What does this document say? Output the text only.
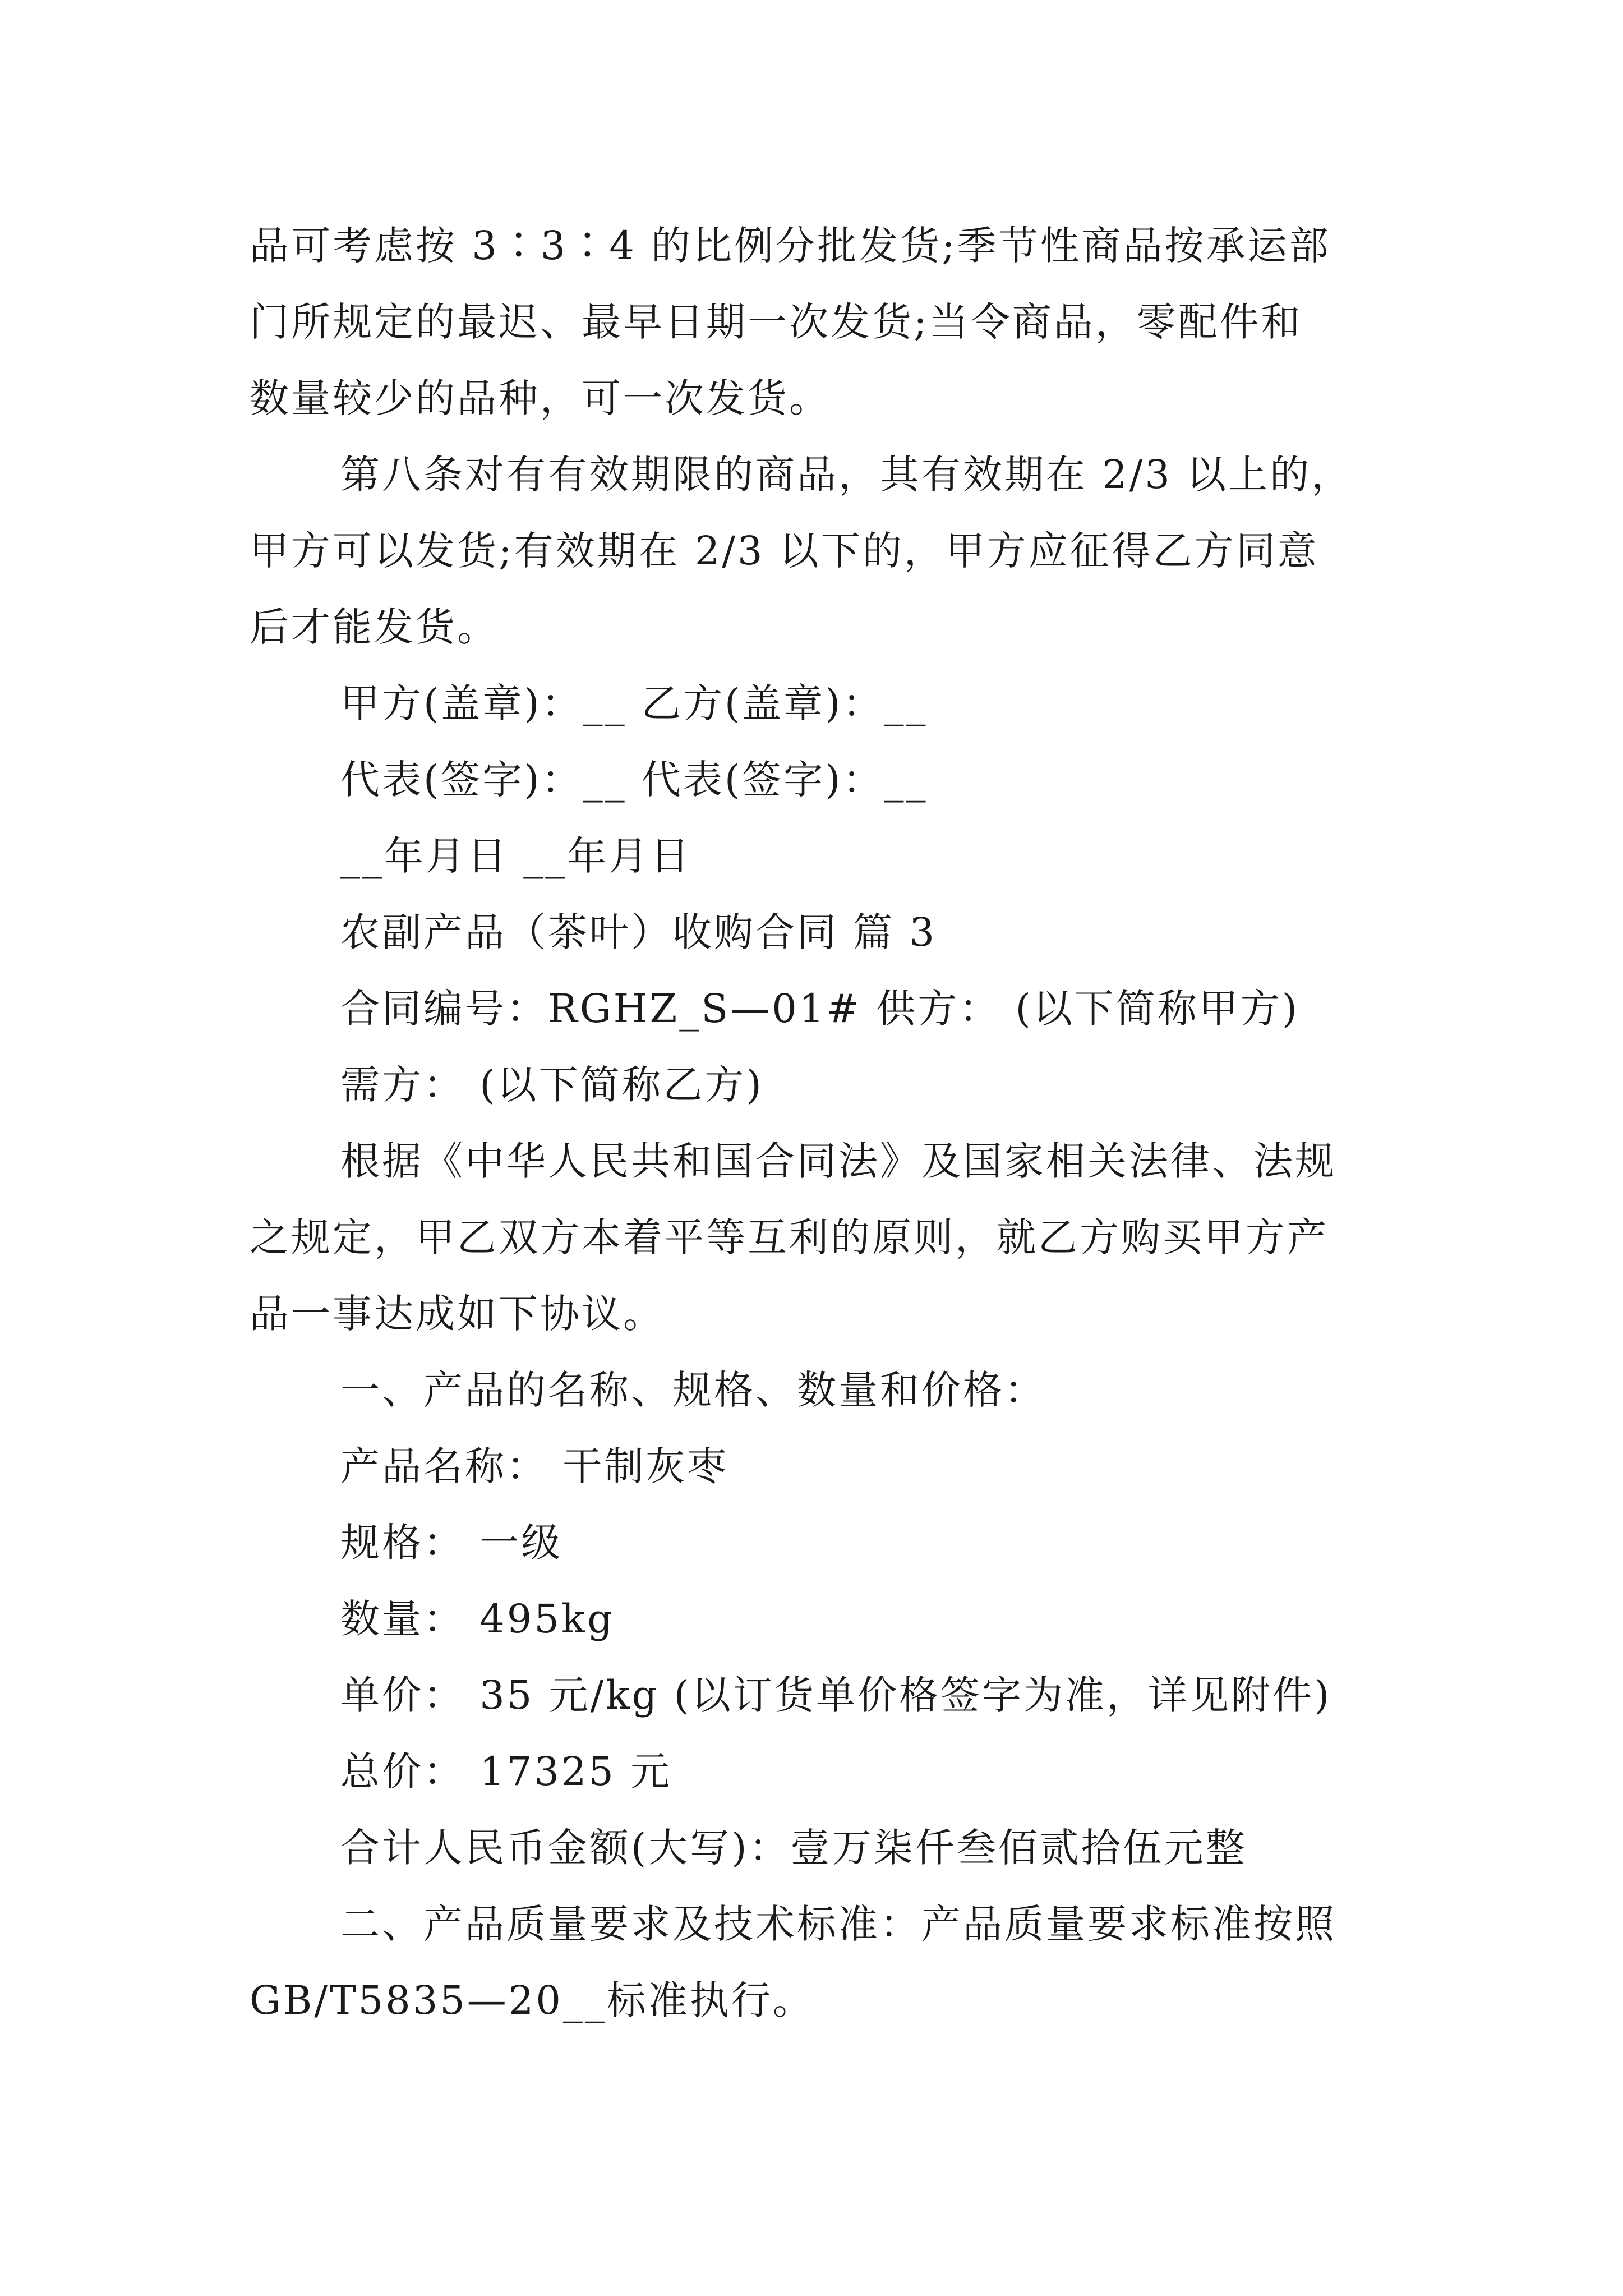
品可考虑按 3∶3∶4 的比例分批发货;季节性商品按承运部
门所规定的最迟、最早日期一次发货;当令商品，零配件和
数量较少的品种，可一次发货。
第八条对有有效期限的商品，其有效期在 2/3 以上的，
甲方可以发货;有效期在 2/3 以下的，甲方应征得乙方同意
后才能发货。
甲方(盖章)：__ 乙方(盖章)：__
代表(签字)：__ 代表(签字)：__
__年月日 __年月日
农副产品（茶叶）收购合同 篇 3
合同编号：RGHZ_S—01# 供方： (以下简称甲方)
需方： (以下简称乙方)
根据《中华人民共和国合同法》及国家相关法律、法规
之规定，甲乙双方本着平等互利的原则，就乙方购买甲方产
品一事达成如下协议。
一、产品的名称、规格、数量和价格：
产品名称： 干制灰枣
规格： 一级
数量： 495kg
单价： 35 元/kg (以订货单价格签字为准，详见附件)
总价： 17325 元
合计人民币金额(大写)：壹万柒仟叁佰贰拾伍元整
二、产品质量要求及技术标准：产品质量要求标准按照
GB/T5835—20__标准执行。
